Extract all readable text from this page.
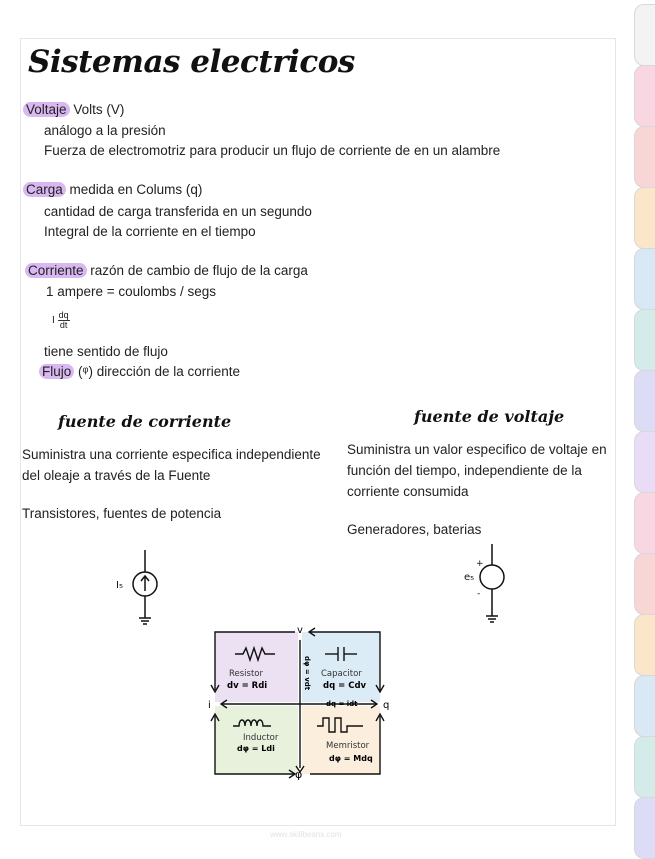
Sistemas electricos
Voltaje Volts (V)
análogo a la presión
Fuerza de electromotriz para producir un flujo de corriente de en un alambre
Carga medida en Colums (q)
cantidad de carga transferida en un segundo
Integral de la corriente en el tiempo
Corriente razón de cambio de flujo de la carga
1 ampere = coulombs / segs
I $\frac{dq}{dt}$
tiene sentido de flujo
Flujo (ᵠ) dirección de la corriente
fuente de corriente
Suministra una corriente especifica independiente del oleaje a través de la Fuente
Transistores, fuentes de potencia
fuente de voltaje
Suministra un valor especifico de voltaje en función del tiempo, independiente de la corriente consumida
Generadores, baterias
I₅
+
-
e₅
v
i	q
φ
dφ = vdt
dq = idt
Resistor
dv = Rdi
Capacitor
dq = Cdv
Inductor
dφ = Ldi	Memristor
dφ = Mdq
www.skillbeans.com
